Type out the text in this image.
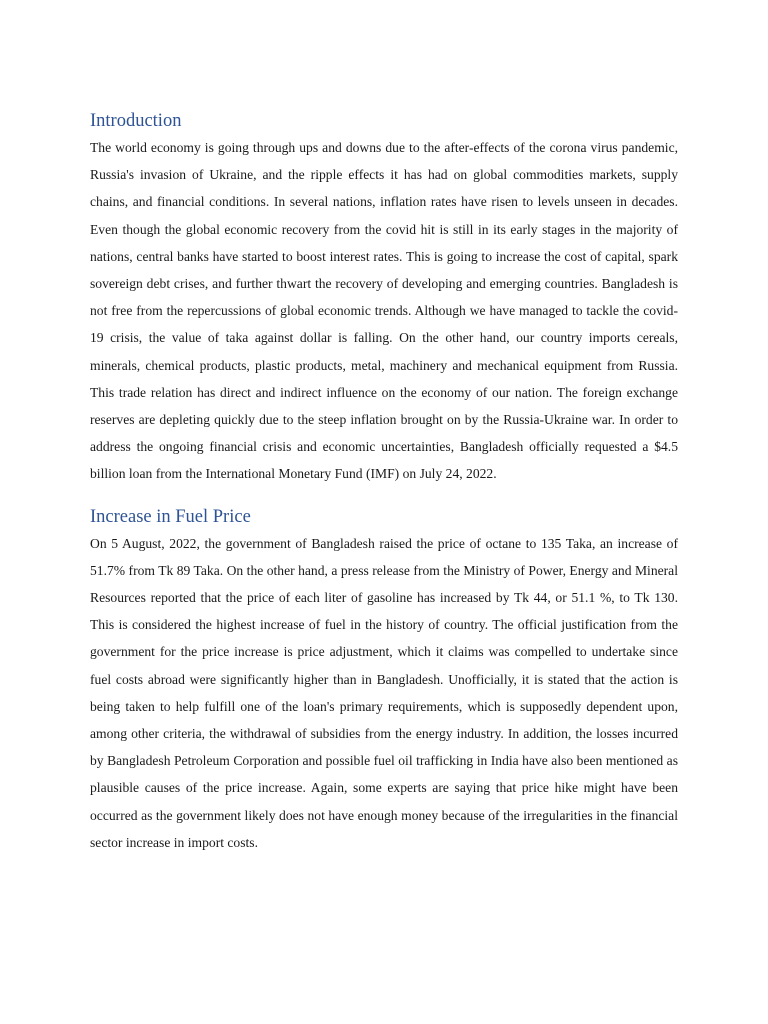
Introduction

The world economy is going through ups and downs due to the after-effects of the corona virus pandemic, Russia's invasion of Ukraine, and the ripple effects it has had on global commodities markets, supply chains, and financial conditions. In several nations, inflation rates have risen to levels unseen in decades. Even though the global economic recovery from the covid hit is still in its early stages in the majority of nations, central banks have started to boost interest rates. This is going to increase the cost of capital, spark sovereign debt crises, and further thwart the recovery of developing and emerging countries. Bangladesh is not free from the repercussions of global economic trends. Although we have managed to tackle the covid-19 crisis, the value of taka against dollar is falling. On the other hand, our country imports cereals, minerals, chemical products, plastic products, metal, machinery and mechanical equipment from Russia. This trade relation has direct and indirect influence on the economy of our nation. The foreign exchange reserves are depleting quickly due to the steep inflation brought on by the Russia-Ukraine war. In order to address the ongoing financial crisis and economic uncertainties, Bangladesh officially requested a $4.5 billion loan from the International Monetary Fund (IMF) on July 24, 2022.

Increase in Fuel Price

On 5 August, 2022, the government of Bangladesh raised the price of octane to 135 Taka, an increase of 51.7% from Tk 89 Taka. On the other hand, a press release from the Ministry of Power, Energy and Mineral Resources reported that the price of each liter of gasoline has increased by Tk 44, or 51.1 %, to Tk 130. This is considered the highest increase of fuel in the history of country. The official justification from the government for the price increase is price adjustment, which it claims was compelled to undertake since fuel costs abroad were significantly higher than in Bangladesh. Unofficially, it is stated that the action is being taken to help fulfill one of the loan's primary requirements, which is supposedly dependent upon, among other criteria, the withdrawal of subsidies from the energy industry. In addition, the losses incurred by Bangladesh Petroleum Corporation and possible fuel oil trafficking in India have also been mentioned as plausible causes of the price increase. Again, some experts are saying that price hike might have been occurred as the government likely does not have enough money because of the irregularities in the financial sector increase in import costs.
